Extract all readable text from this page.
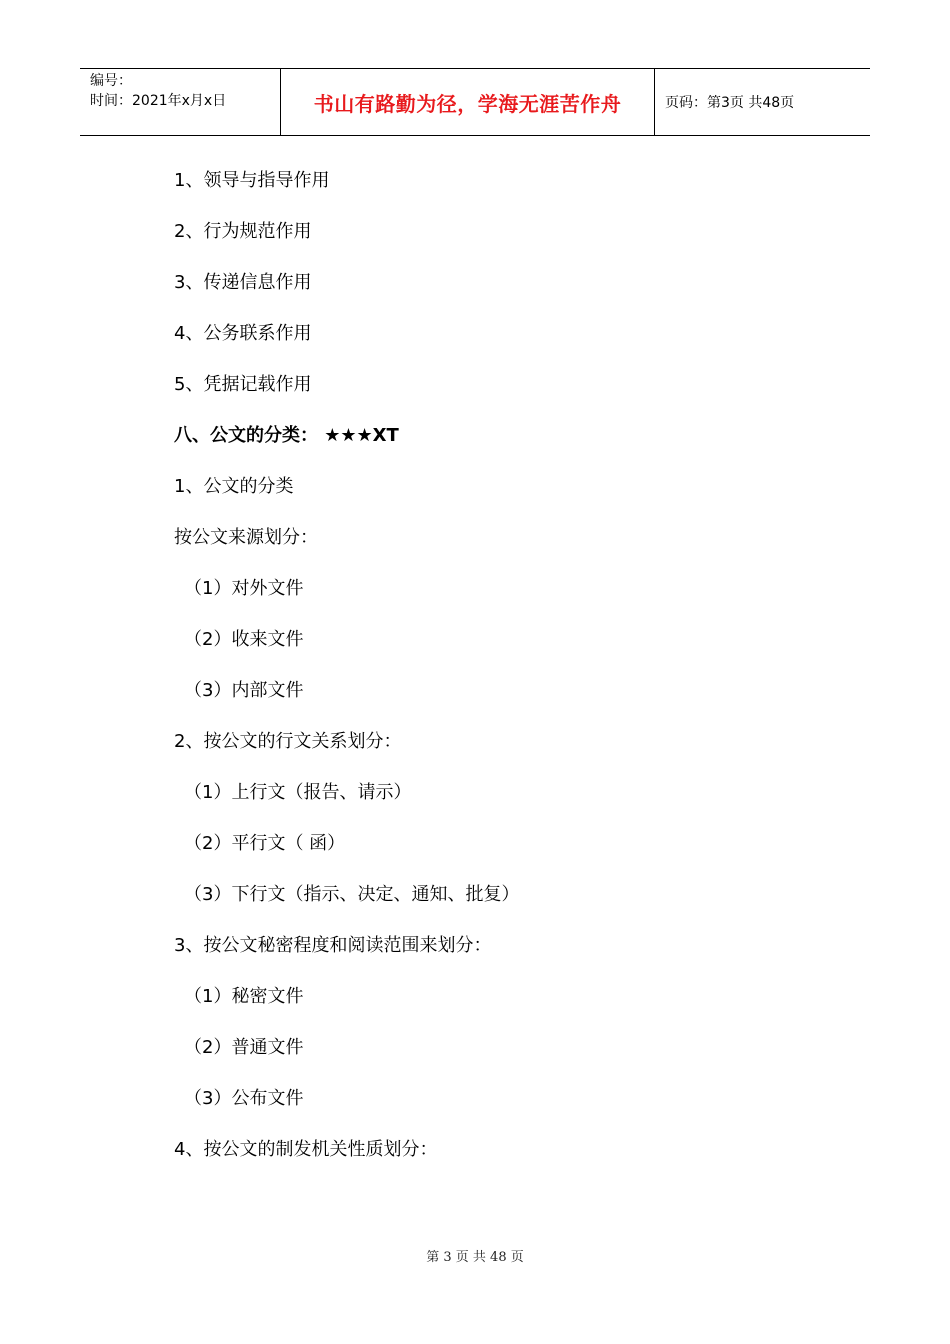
编号：
时间：2021年x月x日	书山有路勤为径，学海无涯苦作舟	页码：第3页 共48页
1、领导与指导作用
2、行为规范作用
3、传递信息作用
4、公务联系作用
5、凭据记载作用
八、公文的分类： ★★★XT
1、公文的分类
按公文来源划分：
（1）对外文件
（2）收来文件
（3）内部文件
2、按公文的行文关系划分：
（1）上行文（报告、请示）
（2）平行文（ 函）
（3）下行文（指示、决定、通知、批复）
3、按公文秘密程度和阅读范围来划分：
（1）秘密文件
（2）普通文件
（3）公布文件
4、按公文的制发机关性质划分：
第 3 页 共 48 页
